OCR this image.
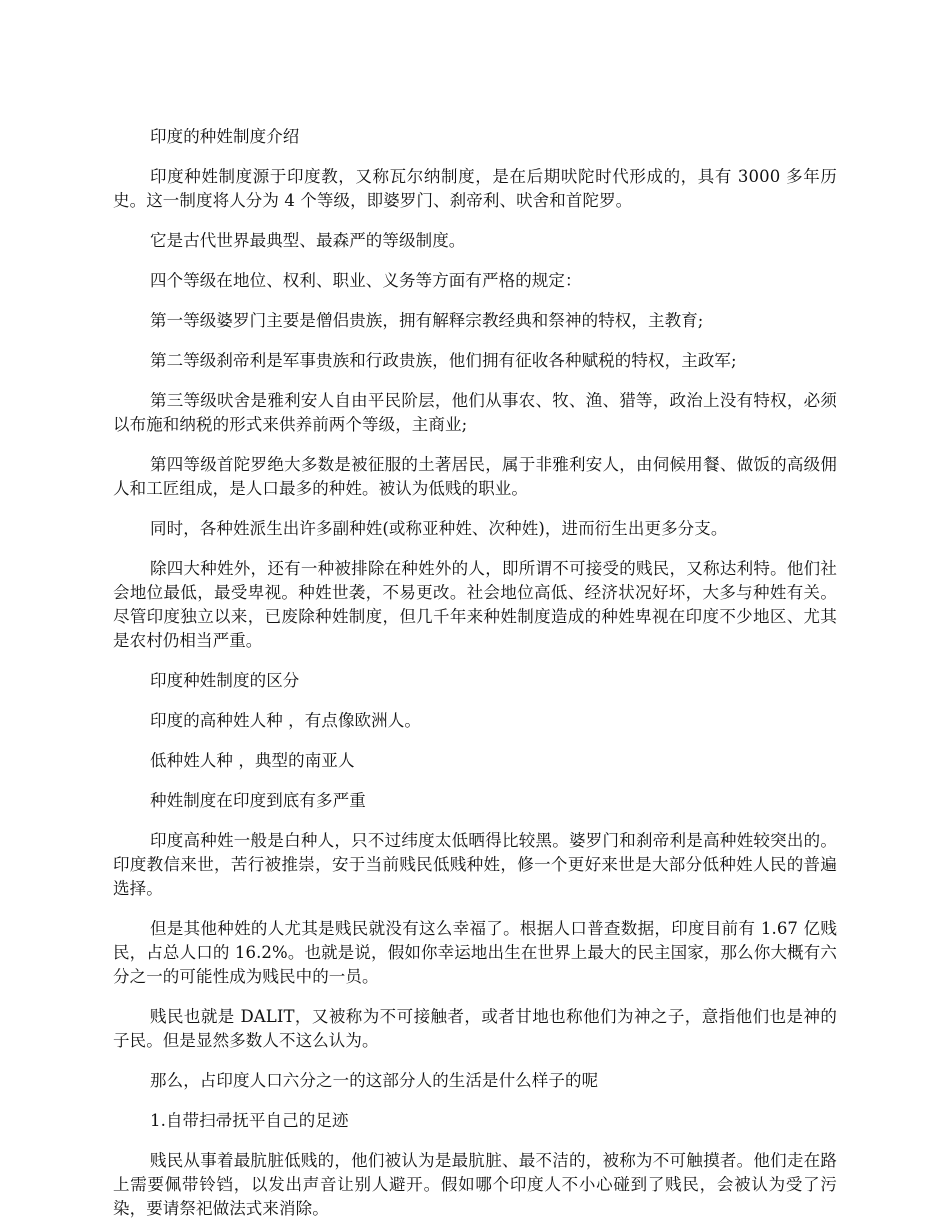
印度的种姓制度介绍

印度种姓制度源于印度教，又称瓦尔纳制度，是在后期吠陀时代形成的，具有 3000 多年历史。这一制度将人分为 4 个等级，即婆罗门、刹帝利、吠舍和首陀罗。

它是古代世界最典型、最森严的等级制度。

四个等级在地位、权利、职业、义务等方面有严格的规定：

第一等级婆罗门主要是僧侣贵族，拥有解释宗教经典和祭神的特权，主教育;

第二等级刹帝利是军事贵族和行政贵族，他们拥有征收各种赋税的特权，主政军;

第三等级吠舍是雅利安人自由平民阶层，他们从事农、牧、渔、猎等，政治上没有特权，必须以布施和纳税的形式来供养前两个等级，主商业;

第四等级首陀罗绝大多数是被征服的土著居民，属于非雅利安人，由伺候用餐、做饭的高级佣人和工匠组成，是人口最多的种姓。被认为低贱的职业。

同时，各种姓派生出许多副种姓(或称亚种姓、次种姓)，进而衍生出更多分支。

除四大种姓外，还有一种被排除在种姓外的人，即所谓不可接受的贱民，又称达利特。他们社会地位最低，最受卑视。种姓世袭，不易更改。社会地位高低、经济状况好坏，大多与种姓有关。尽管印度独立以来，已废除种姓制度，但几千年来种姓制度造成的种姓卑视在印度不少地区、尤其是农村仍相当严重。

印度种姓制度的区分

印度的高种姓人种 ，有点像欧洲人。

低种姓人种 ，典型的南亚人

种姓制度在印度到底有多严重

印度高种姓一般是白种人，只不过纬度太低晒得比较黑。婆罗门和刹帝利是高种姓较突出的。 印度教信来世，苦行被推崇，安于当前贱民低贱种姓，修一个更好来世是大部分低种姓人民的普遍选择。

但是其他种姓的人尤其是贱民就没有这么幸福了。根据人口普查数据，印度目前有 1.67 亿贱民，占总人口的 16.2%。也就是说，假如你幸运地出生在世界上最大的民主国家，那么你大概有六分之一的可能性成为贱民中的一员。

贱民也就是 DALIT，又被称为不可接触者，或者甘地也称他们为神之子，意指他们也是神的子民。但是显然多数人不这么认为。

那么，占印度人口六分之一的这部分人的生活是什么样子的呢

1.自带扫帚抚平自己的足迹

贱民从事着最肮脏低贱的，他们被认为是最肮脏、最不洁的，被称为不可触摸者。他们走在路上需要佩带铃铛，以发出声音让别人避开。假如哪个印度人不小心碰到了贱民，会被认为受了污染，要请祭祀做法式来消除。
